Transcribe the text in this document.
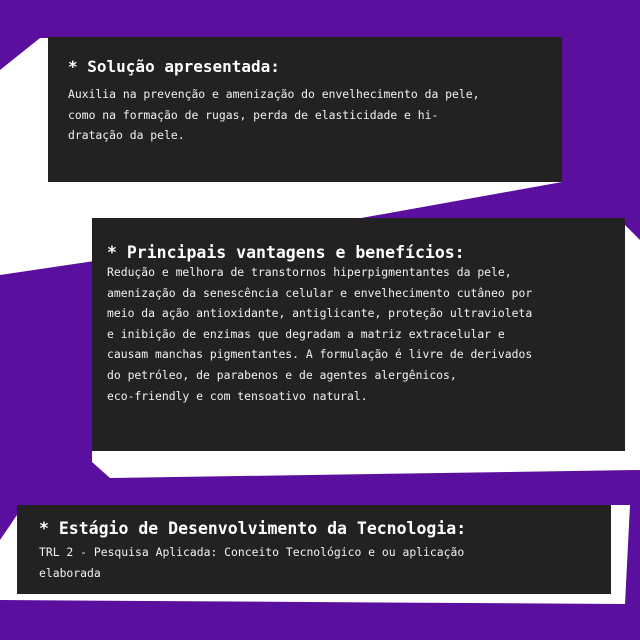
* Solução apresentada:

Auxilia na prevenção e amenização do envelhecimento da pele,
como na formação de rugas, perda de elasticidade e hi-
dratação da pele.

* Principais vantagens e benefícios:

Redução e melhora de transtornos hiperpigmentantes da pele,
amenização da senescência celular e envelhecimento cutâneo por
meio da ação antioxidante, antiglicante, proteção ultravioleta
e inibição de enzimas que degradam a matriz extracelular e
causam manchas pigmentantes. A formulação é livre de derivados
do petróleo, de parabenos e de agentes alergênicos,
eco-friendly e com tensoativo natural.

* Estágio de Desenvolvimento da Tecnologia:

TRL 2 - Pesquisa Aplicada: Conceito Tecnológico e ou aplicação
elaborada
